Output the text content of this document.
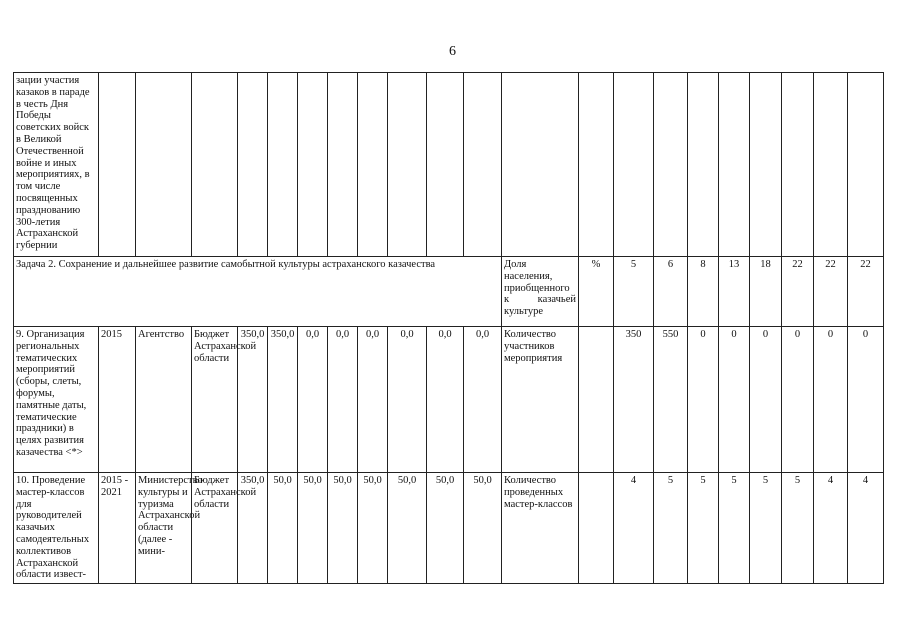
6
зации участия казаков в параде в честь Дня Победы советских войск в Великой Отечественной войне и иных мероприятиях, в том числе посвященных празднованию 300-летия Астраханской губернии																					
Задача 2. Сохранение и дальнейшее развитие самобытной культуры астраханского казачества												Доля населения, приобщенного к казачьей культуре	%	5	6	8	13	18	22	22	22
9. Организация региональных тематических мероприятий (сборы, слеты, форумы, памятные даты, тематические праздники) в целях развития казачества <*>	2015	Агентство	Бюджет Астраханской области	350,0	350,0	0,0	0,0	0,0	0,0	0,0	0,0	Количество участников мероприятия		350	550	0	0	0	0	0	0
10. Проведение мастер-классов для руководителей казачьих самодеятельных коллективов Астраханской области извест-	2015 - 2021	Министерство культуры и туризма Астраханской области (далее - мини-	Бюджет Астраханской области	350,0	50,0	50,0	50,0	50,0	50,0	50,0	50,0	Количество проведенных мастер-классов		4	5	5	5	5	5	4	4
